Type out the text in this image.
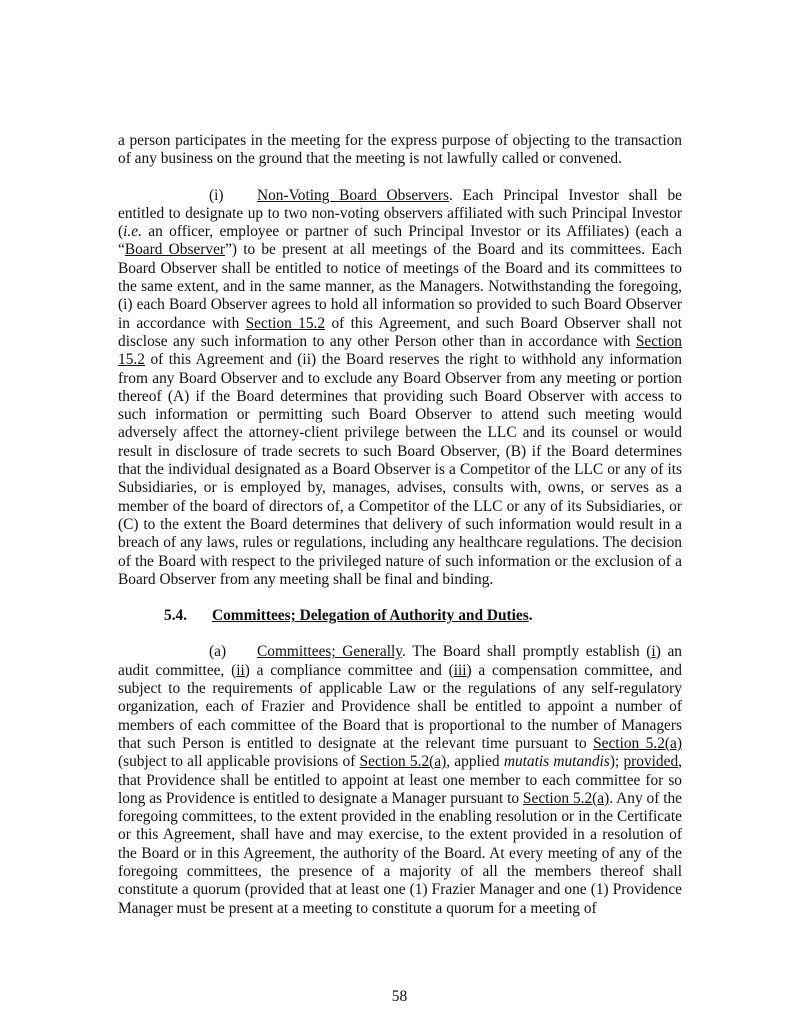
a person participates in the meeting for the express purpose of objecting to the transaction of any business on the ground that the meeting is not lawfully called or convened.

(i) Non-Voting Board Observers. Each Principal Investor shall be entitled to designate up to two non-voting observers affiliated with such Principal Investor (i.e. an officer, employee or partner of such Principal Investor or its Affiliates) (each a “Board Observer”) to be present at all meetings of the Board and its committees. Each Board Observer shall be entitled to notice of meetings of the Board and its committees to the same extent, and in the same manner, as the Managers. Notwithstanding the foregoing, (i) each Board Observer agrees to hold all information so provided to such Board Observer in accordance with Section 15.2 of this Agreement, and such Board Observer shall not disclose any such information to any other Person other than in accordance with Section 15.2 of this Agreement and (ii) the Board reserves the right to withhold any information from any Board Observer and to exclude any Board Observer from any meeting or portion thereof (A) if the Board determines that providing such Board Observer with access to such information or permitting such Board Observer to attend such meeting would adversely affect the attorney-client privilege between the LLC and its counsel or would result in disclosure of trade secrets to such Board Observer, (B) if the Board determines that the individual designated as a Board Observer is a Competitor of the LLC or any of its Subsidiaries, or is employed by, manages, advises, consults with, owns, or serves as a member of the board of directors of, a Competitor of the LLC or any of its Subsidiaries, or (C) to the extent the Board determines that delivery of such information would result in a breach of any laws, rules or regulations, including any healthcare regulations. The decision of the Board with respect to the privileged nature of such information or the exclusion of a Board Observer from any meeting shall be final and binding.

5.4. Committees; Delegation of Authority and Duties.

(a) Committees; Generally. The Board shall promptly establish (i) an audit committee, (ii) a compliance committee and (iii) a compensation committee, and subject to the requirements of applicable Law or the regulations of any self-regulatory organization, each of Frazier and Providence shall be entitled to appoint a number of members of each committee of the Board that is proportional to the number of Managers that such Person is entitled to designate at the relevant time pursuant to Section 5.2(a) (subject to all applicable provisions of Section 5.2(a), applied mutatis mutandis); provided, that Providence shall be entitled to appoint at least one member to each committee for so long as Providence is entitled to designate a Manager pursuant to Section 5.2(a). Any of the foregoing committees, to the extent provided in the enabling resolution or in the Certificate or this Agreement, shall have and may exercise, to the extent provided in a resolution of the Board or in this Agreement, the authority of the Board. At every meeting of any of the foregoing committees, the presence of a majority of all the members thereof shall constitute a quorum (provided that at least one (1) Frazier Manager and one (1) Providence Manager must be present at a meeting to constitute a quorum for a meeting of

58
